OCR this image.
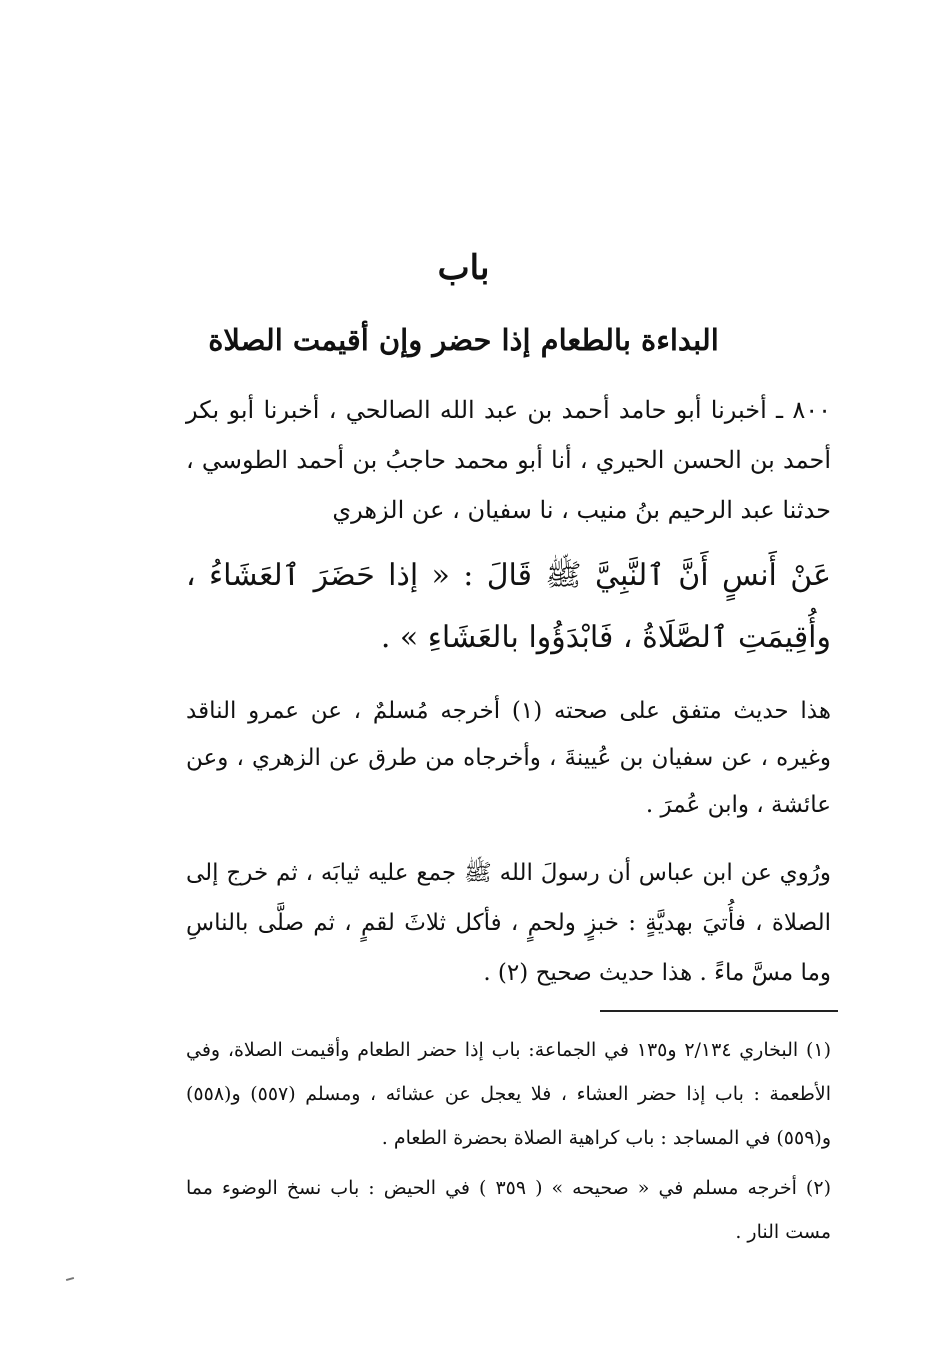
باب
البداءة بالطعام إذا حضر وإن أقيمت الصلاة
٨٠٠ ـ أخبرنا أبو حامد أحمد بن عبد الله الصالحي ، أخبرنا أبو بكر أحمد بن الحسن الحيري ، أنا أبو محمد حاجبُ بن أحمد الطوسي ، حدثنا عبد الرحيم بنُ منيب ، نا سفيان ، عن الزهري
عَنْ أَنسٍ أَنَّ ٱلنَّبِيَّ ﷺ قَالَ : « إذا حَضَرَ ٱلعَشَاءُ ، وأُقِيمَتِ ٱلصَّلَاةُ ، فَابْدَؤُوا بالعَشَاءِ » .
هذا حديث متفق على صحته (١) أخرجه مُسلمٌ ، عن عمرو الناقد وغيره ، عن سفيان بن عُيينةَ ، وأخرجاه من طرق عن الزهري ، وعن عائشة ، وابن عُمرَ .
ورُوي عن ابن عباس أن رسولَ الله ﷺ جمع عليه ثيابَه ، ثم خرج إلى الصلاة ، فأُتيَ بهديَّةٍ : خبزٍ ولحمٍ ، فأكل ثلاثَ لقمٍ ، ثم صلَّى بالناسِ وما مسَّ ماءً . هذا حديث صحيح (٢) .

(١) البخاري ٢/١٣٤ و١٣٥ في الجماعة: باب إذا حضر الطعام وأقيمت الصلاة، وفي الأطعمة : باب إذا حضر العشاء ، فلا يعجل عن عشائه ، ومسلم (٥٥٧) و(٥٥٨) و(٥٥٩) في المساجد : باب كراهية الصلاة بحضرة الطعام .

(٢) أخرجه مسلم في « صحيحه » ( ٣٥٩ ) في الحيض : باب نسخ الوضوء مما مست النار .
